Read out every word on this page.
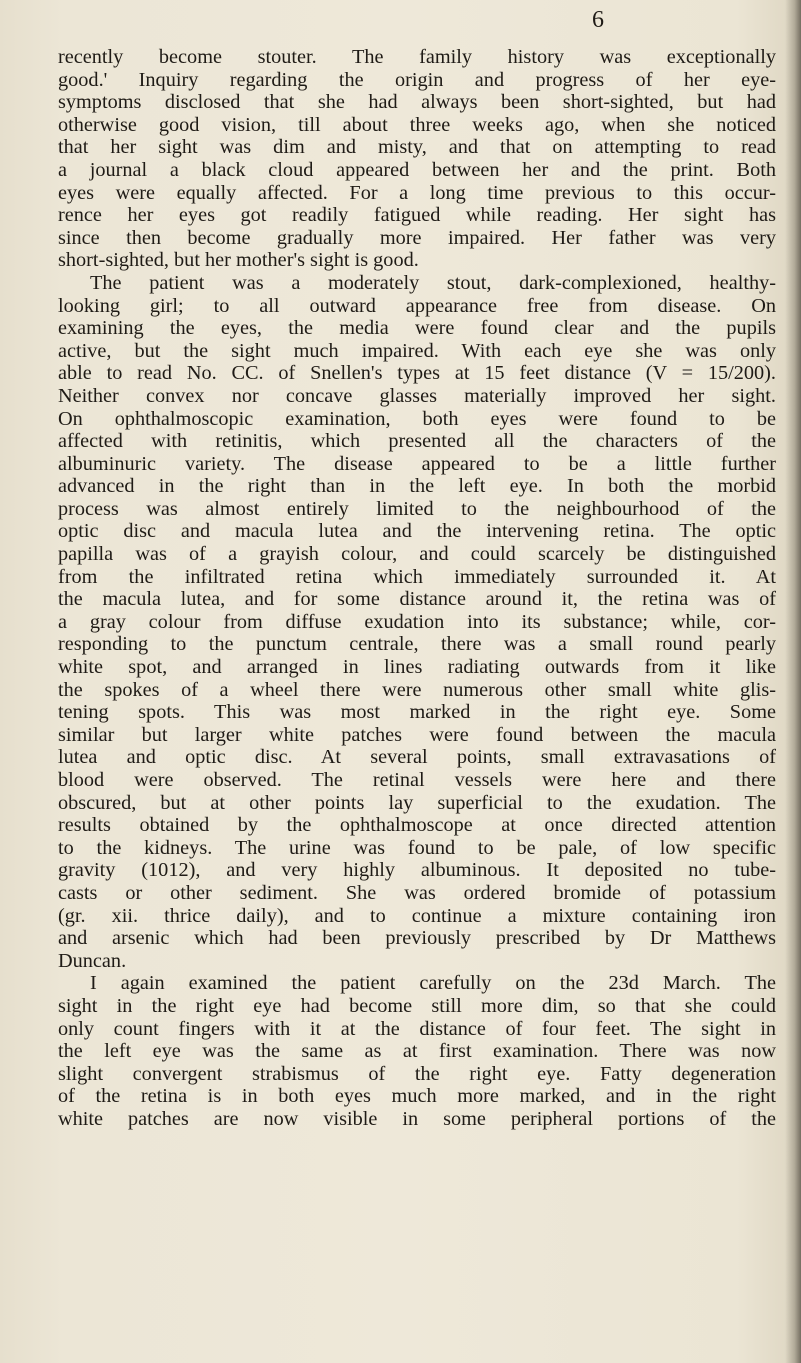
6
recently become stouter. The family history was exceptionally
good.' Inquiry regarding the origin and progress of her eye-
symptoms disclosed that she had always been short-sighted, but had
otherwise good vision, till about three weeks ago, when she noticed
that her sight was dim and misty, and that on attempting to read
a journal a black cloud appeared between her and the print. Both
eyes were equally affected. For a long time previous to this occur-
rence her eyes got readily fatigued while reading. Her sight has
since then become gradually more impaired. Her father was very
short-sighted, but her mother's sight is good.
The patient was a moderately stout, dark-complexioned, healthy-
looking girl; to all outward appearance free from disease. On
examining the eyes, the media were found clear and the pupils
active, but the sight much impaired. With each eye she was only
able to read No. CC. of Snellen's types at 15 feet distance (V = 15/200).
Neither convex nor concave glasses materially improved her sight.
On ophthalmoscopic examination, both eyes were found to be
affected with retinitis, which presented all the characters of the
albuminuric variety. The disease appeared to be a little further
advanced in the right than in the left eye. In both the morbid
process was almost entirely limited to the neighbourhood of the
optic disc and macula lutea and the intervening retina. The optic
papilla was of a grayish colour, and could scarcely be distinguished
from the infiltrated retina which immediately surrounded it. At
the macula lutea, and for some distance around it, the retina was of
a gray colour from diffuse exudation into its substance; while, cor-
responding to the punctum centrale, there was a small round pearly
white spot, and arranged in lines radiating outwards from it like
the spokes of a wheel there were numerous other small white glis-
tening spots. This was most marked in the right eye. Some
similar but larger white patches were found between the macula
lutea and optic disc. At several points, small extravasations of
blood were observed. The retinal vessels were here and there
obscured, but at other points lay superficial to the exudation. The
results obtained by the ophthalmoscope at once directed attention
to the kidneys. The urine was found to be pale, of low specific
gravity (1012), and very highly albuminous. It deposited no tube-
casts or other sediment. She was ordered bromide of potassium
(gr. xii. thrice daily), and to continue a mixture containing iron
and arsenic which had been previously prescribed by Dr Matthews
Duncan.
I again examined the patient carefully on the 23d March. The
sight in the right eye had become still more dim, so that she could
only count fingers with it at the distance of four feet. The sight in
the left eye was the same as at first examination. There was now
slight convergent strabismus of the right eye. Fatty degeneration
of the retina is in both eyes much more marked, and in the right
white patches are now visible in some peripheral portions of the
